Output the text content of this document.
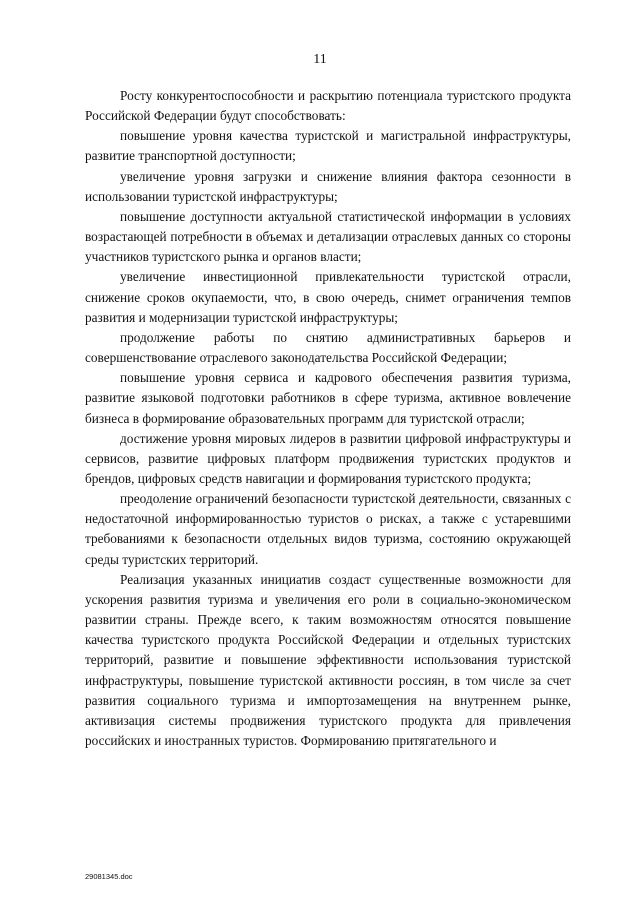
11

Росту конкурентоспособности и раскрытию потенциала туристского продукта Российской Федерации будут способствовать:

повышение уровня качества туристской и магистральной инфраструктуры, развитие транспортной доступности;

увеличение уровня загрузки и снижение влияния фактора сезонности в использовании туристской инфраструктуры;

повышение доступности актуальной статистической информации в условиях возрастающей потребности в объемах и детализации отраслевых данных со стороны участников туристского рынка и органов власти;

увеличение инвестиционной привлекательности туристской отрасли, снижение сроков окупаемости, что, в свою очередь, снимет ограничения темпов развития и модернизации туристской инфраструктуры;

продолжение работы по снятию административных барьеров и совершенствование отраслевого законодательства Российской Федерации;

повышение уровня сервиса и кадрового обеспечения развития туризма, развитие языковой подготовки работников в сфере туризма, активное вовлечение бизнеса в формирование образовательных программ для туристской отрасли;

достижение уровня мировых лидеров в развитии цифровой инфраструктуры и сервисов, развитие цифровых платформ продвижения туристских продуктов и брендов, цифровых средств навигации и формирования туристского продукта;

преодоление ограничений безопасности туристской деятельности, связанных с недостаточной информированностью туристов о рисках, а также с устаревшими требованиями к безопасности отдельных видов туризма, состоянию окружающей среды туристских территорий.

Реализация указанных инициатив создаст существенные возможности для ускорения развития туризма и увеличения его роли в социально-экономическом развитии страны. Прежде всего, к таким возможностям относятся повышение качества туристского продукта Российской Федерации и отдельных туристских территорий, развитие и повышение эффективности использования туристской инфраструктуры, повышение туристской активности россиян, в том числе за счет развития социального туризма и импортозамещения на внутреннем рынке, активизация системы продвижения туристского продукта для привлечения российских и иностранных туристов. Формированию притягательного и

29081345.doc
